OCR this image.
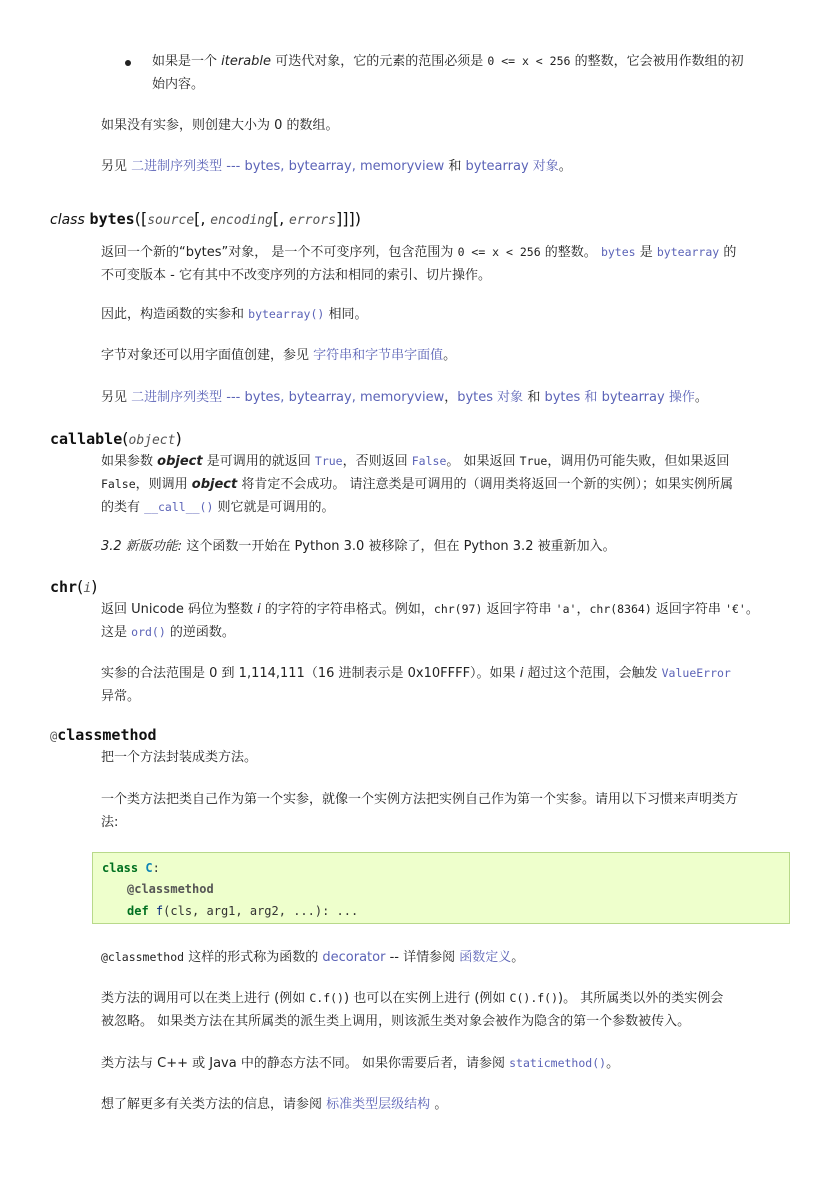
如果是一个 iterable 可迭代对象，它的元素的范围必须是 0 <= x < 256 的整数，它会被用作数组的初

始内容。

如果没有实参，则创建大小为 0 的数组。

另见 二进制序列类型 --- bytes, bytearray, memoryview 和 bytearray 对象。

class bytes([source[, encoding[, errors]]])

返回一个新的“bytes”对象， 是一个不可变序列，包含范围为 0 <= x < 256 的整数。 bytes 是 bytearray 的

不可变版本 - 它有其中不改变序列的方法和相同的索引、切片操作。

因此，构造函数的实参和 bytearray() 相同。

字节对象还可以用字面值创建，参见 字符串和字节串字面值。

另见 二进制序列类型 --- bytes, bytearray, memoryview，bytes 对象 和 bytes 和 bytearray 操作。

callable(object)

如果参数 object 是可调用的就返回 True，否则返回 False。 如果返回 True，调用仍可能失败，但如果返回

False，则调用 object 将肯定不会成功。 请注意类是可调用的（调用类将返回一个新的实例）；如果实例所属

的类有 __call__() 则它就是可调用的。

3.2 新版功能: 这个函数一开始在 Python 3.0 被移除了，但在 Python 3.2 被重新加入。

chr(i)

返回 Unicode 码位为整数 i 的字符的字符串格式。例如，chr(97) 返回字符串 'a'，chr(8364) 返回字符串 '€'。

这是 ord() 的逆函数。

实参的合法范围是 0 到 1,114,111（16 进制表示是 0x10FFFF）。如果 i 超过这个范围，会触发 ValueError

异常。

@classmethod

把一个方法封装成类方法。

一个类方法把类自己作为第一个实参，就像一个实例方法把实例自己作为第一个实参。请用以下习惯来声明类方

法:

class C:
@classmethod
def f(cls, arg1, arg2, ...): ...

@classmethod 这样的形式称为函数的 decorator -- 详情参阅 函数定义。

类方法的调用可以在类上进行 (例如 C.f()) 也可以在实例上进行 (例如 C().f())。 其所属类以外的类实例会

被忽略。 如果类方法在其所属类的派生类上调用，则该派生类对象会被作为隐含的第一个参数被传入。

类方法与 C++ 或 Java 中的静态方法不同。 如果你需要后者，请参阅 staticmethod()。

想了解更多有关类方法的信息，请参阅 标准类型层级结构 。
